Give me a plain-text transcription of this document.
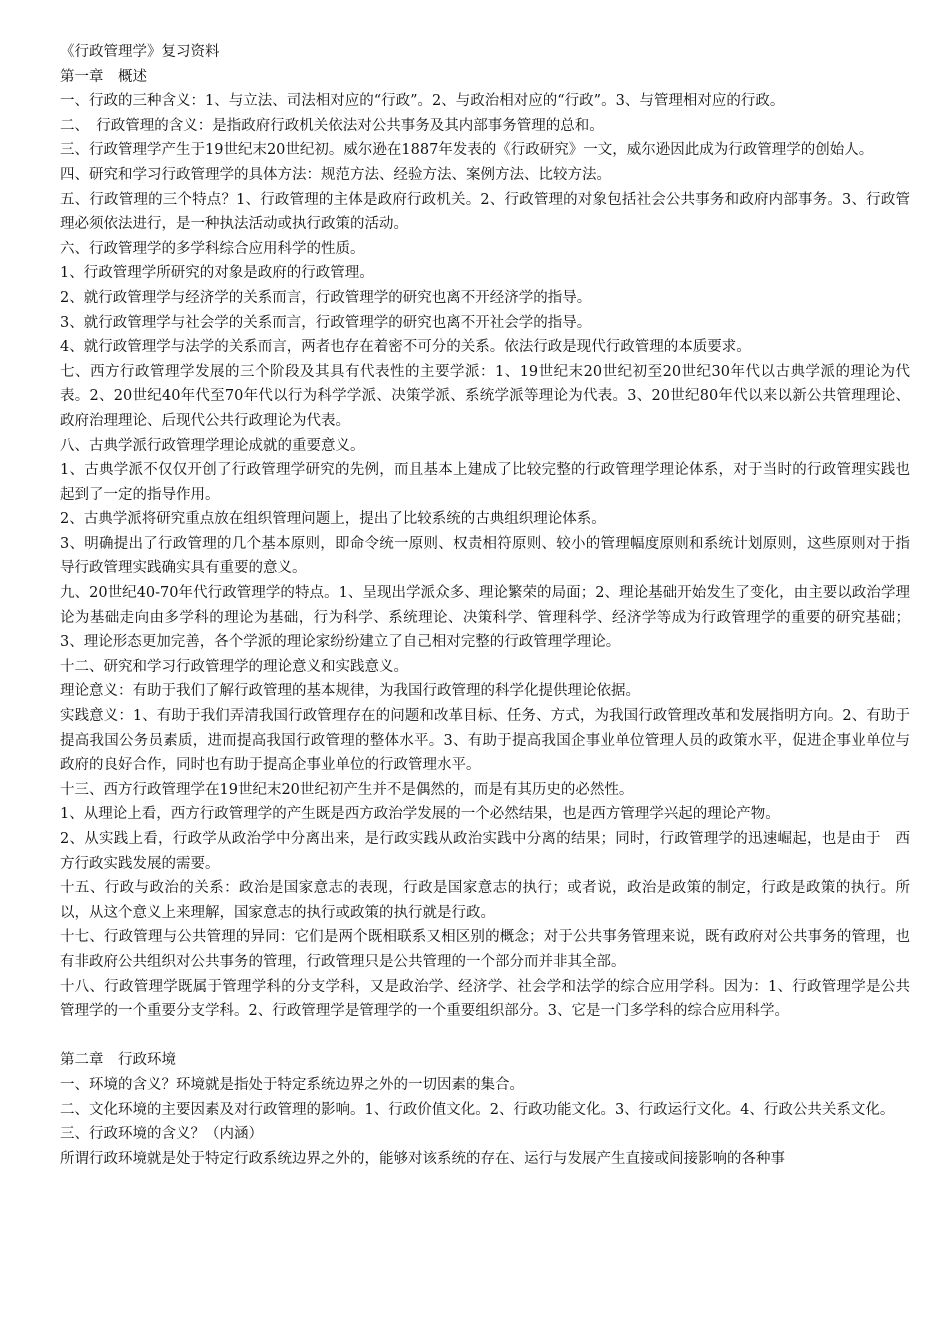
《行政管理学》复习资料

第一章　概述

一、行政的三种含义：1、与立法、司法相对应的“行政”。2、与政治相对应的“行政”。3、与管理相对应的行政。

二、　行政管理的含义：是指政府行政机关依法对公共事务及其内部事务管理的总和。

三、行政管理学产生于19世纪末20世纪初。威尔逊在1887年发表的《行政研究》一文，威尔逊因此成为行政管理学的创始人。

四、研究和学习行政管理学的具体方法：规范方法、经验方法、案例方法、比较方法。

五、行政管理的三个特点？1、行政管理的主体是政府行政机关。2、行政管理的对象包括社会公共事务和政府内部事务。3、行政管理必须依法进行，是一种执法活动或执行政策的活动。

六、行政管理学的多学科综合应用科学的性质。

1、行政管理学所研究的对象是政府的行政管理。

2、就行政管理学与经济学的关系而言，行政管理学的研究也离不开经济学的指导。

3、就行政管理学与社会学的关系而言，行政管理学的研究也离不开社会学的指导。

4、就行政管理学与法学的关系而言，两者也存在着密不可分的关系。依法行政是现代行政管理的本质要求。

七、西方行政管理学发展的三个阶段及其具有代表性的主要学派：1、19世纪末20世纪初至20世纪30年代以古典学派的理论为代表。2、20世纪40年代至70年代以行为科学学派、决策学派、系统学派等理论为代表。3、20世纪80年代以来以新公共管理理论、政府治理理论、后现代公共行政理论为代表。

八、古典学派行政管理学理论成就的重要意义。

1、古典学派不仅仅开创了行政管理学研究的先例，而且基本上建成了比较完整的行政管理学理论体系，对于当时的行政管理实践也起到了一定的指导作用。

2、古典学派将研究重点放在组织管理问题上，提出了比较系统的古典组织理论体系。

3、明确提出了行政管理的几个基本原则，即命令统一原则、权责相符原则、较小的管理幅度原则和系统计划原则，这些原则对于指导行政管理实践确实具有重要的意义。

九、20世纪40-70年代行政管理学的特点。1、呈现出学派众多、理论繁荣的局面；2、理论基础开始发生了变化，由主要以政治学理论为基础走向由多学科的理论为基础，行为科学、系统理论、决策科学、管理科学、经济学等成为行政管理学的重要的研究基础；3、理论形态更加完善，各个学派的理论家纷纷建立了自己相对完整的行政管理学理论。

十二、研究和学习行政管理学的理论意义和实践意义。

理论意义：有助于我们了解行政管理的基本规律，为我国行政管理的科学化提供理论依据。

实践意义：1、有助于我们弄清我国行政管理存在的问题和改革目标、任务、方式，为我国行政管理改革和发展指明方向。2、有助于提高我国公务员素质，进而提高我国行政管理的整体水平。3、有助于提高我国企事业单位管理人员的政策水平，促进企事业单位与政府的良好合作，同时也有助于提高企事业单位的行政管理水平。

十三、西方行政管理学在19世纪末20世纪初产生并不是偶然的，而是有其历史的必然性。

1、从理论上看，西方行政管理学的产生既是西方政治学发展的一个必然结果，也是西方管理学兴起的理论产物。

2、从实践上看，行政学从政治学中分离出来，是行政实践从政治实践中分离的结果；同时，行政管理学的迅速崛起，也是由于　西方行政实践发展的需要。

十五、行政与政治的关系：政治是国家意志的表现，行政是国家意志的执行；或者说，政治是政策的制定，行政是政策的执行。所以，从这个意义上来理解，国家意志的执行或政策的执行就是行政。

十七、行政管理与公共管理的异同：它们是两个既相联系又相区别的概念；对于公共事务管理来说，既有政府对公共事务的管理，也有非政府公共组织对公共事务的管理，行政管理只是公共管理的一个部分而并非其全部。

十八、行政管理学既属于管理学科的分支学科，又是政治学、经济学、社会学和法学的综合应用学科。因为：1、行政管理学是公共管理学的一个重要分支学科。2、行政管理学是管理学的一个重要组织部分。3、它是一门多学科的综合应用科学。

第二章　行政环境

一、环境的含义？环境就是指处于特定系统边界之外的一切因素的集合。

二、文化环境的主要因素及对行政管理的影响。1、行政价值文化。2、行政功能文化。3、行政运行文化。4、行政公共关系文化。

三、行政环境的含义？（内涵）

所谓行政环境就是处于特定行政系统边界之外的，能够对该系统的存在、运行与发展产生直接或间接影响的各种事
